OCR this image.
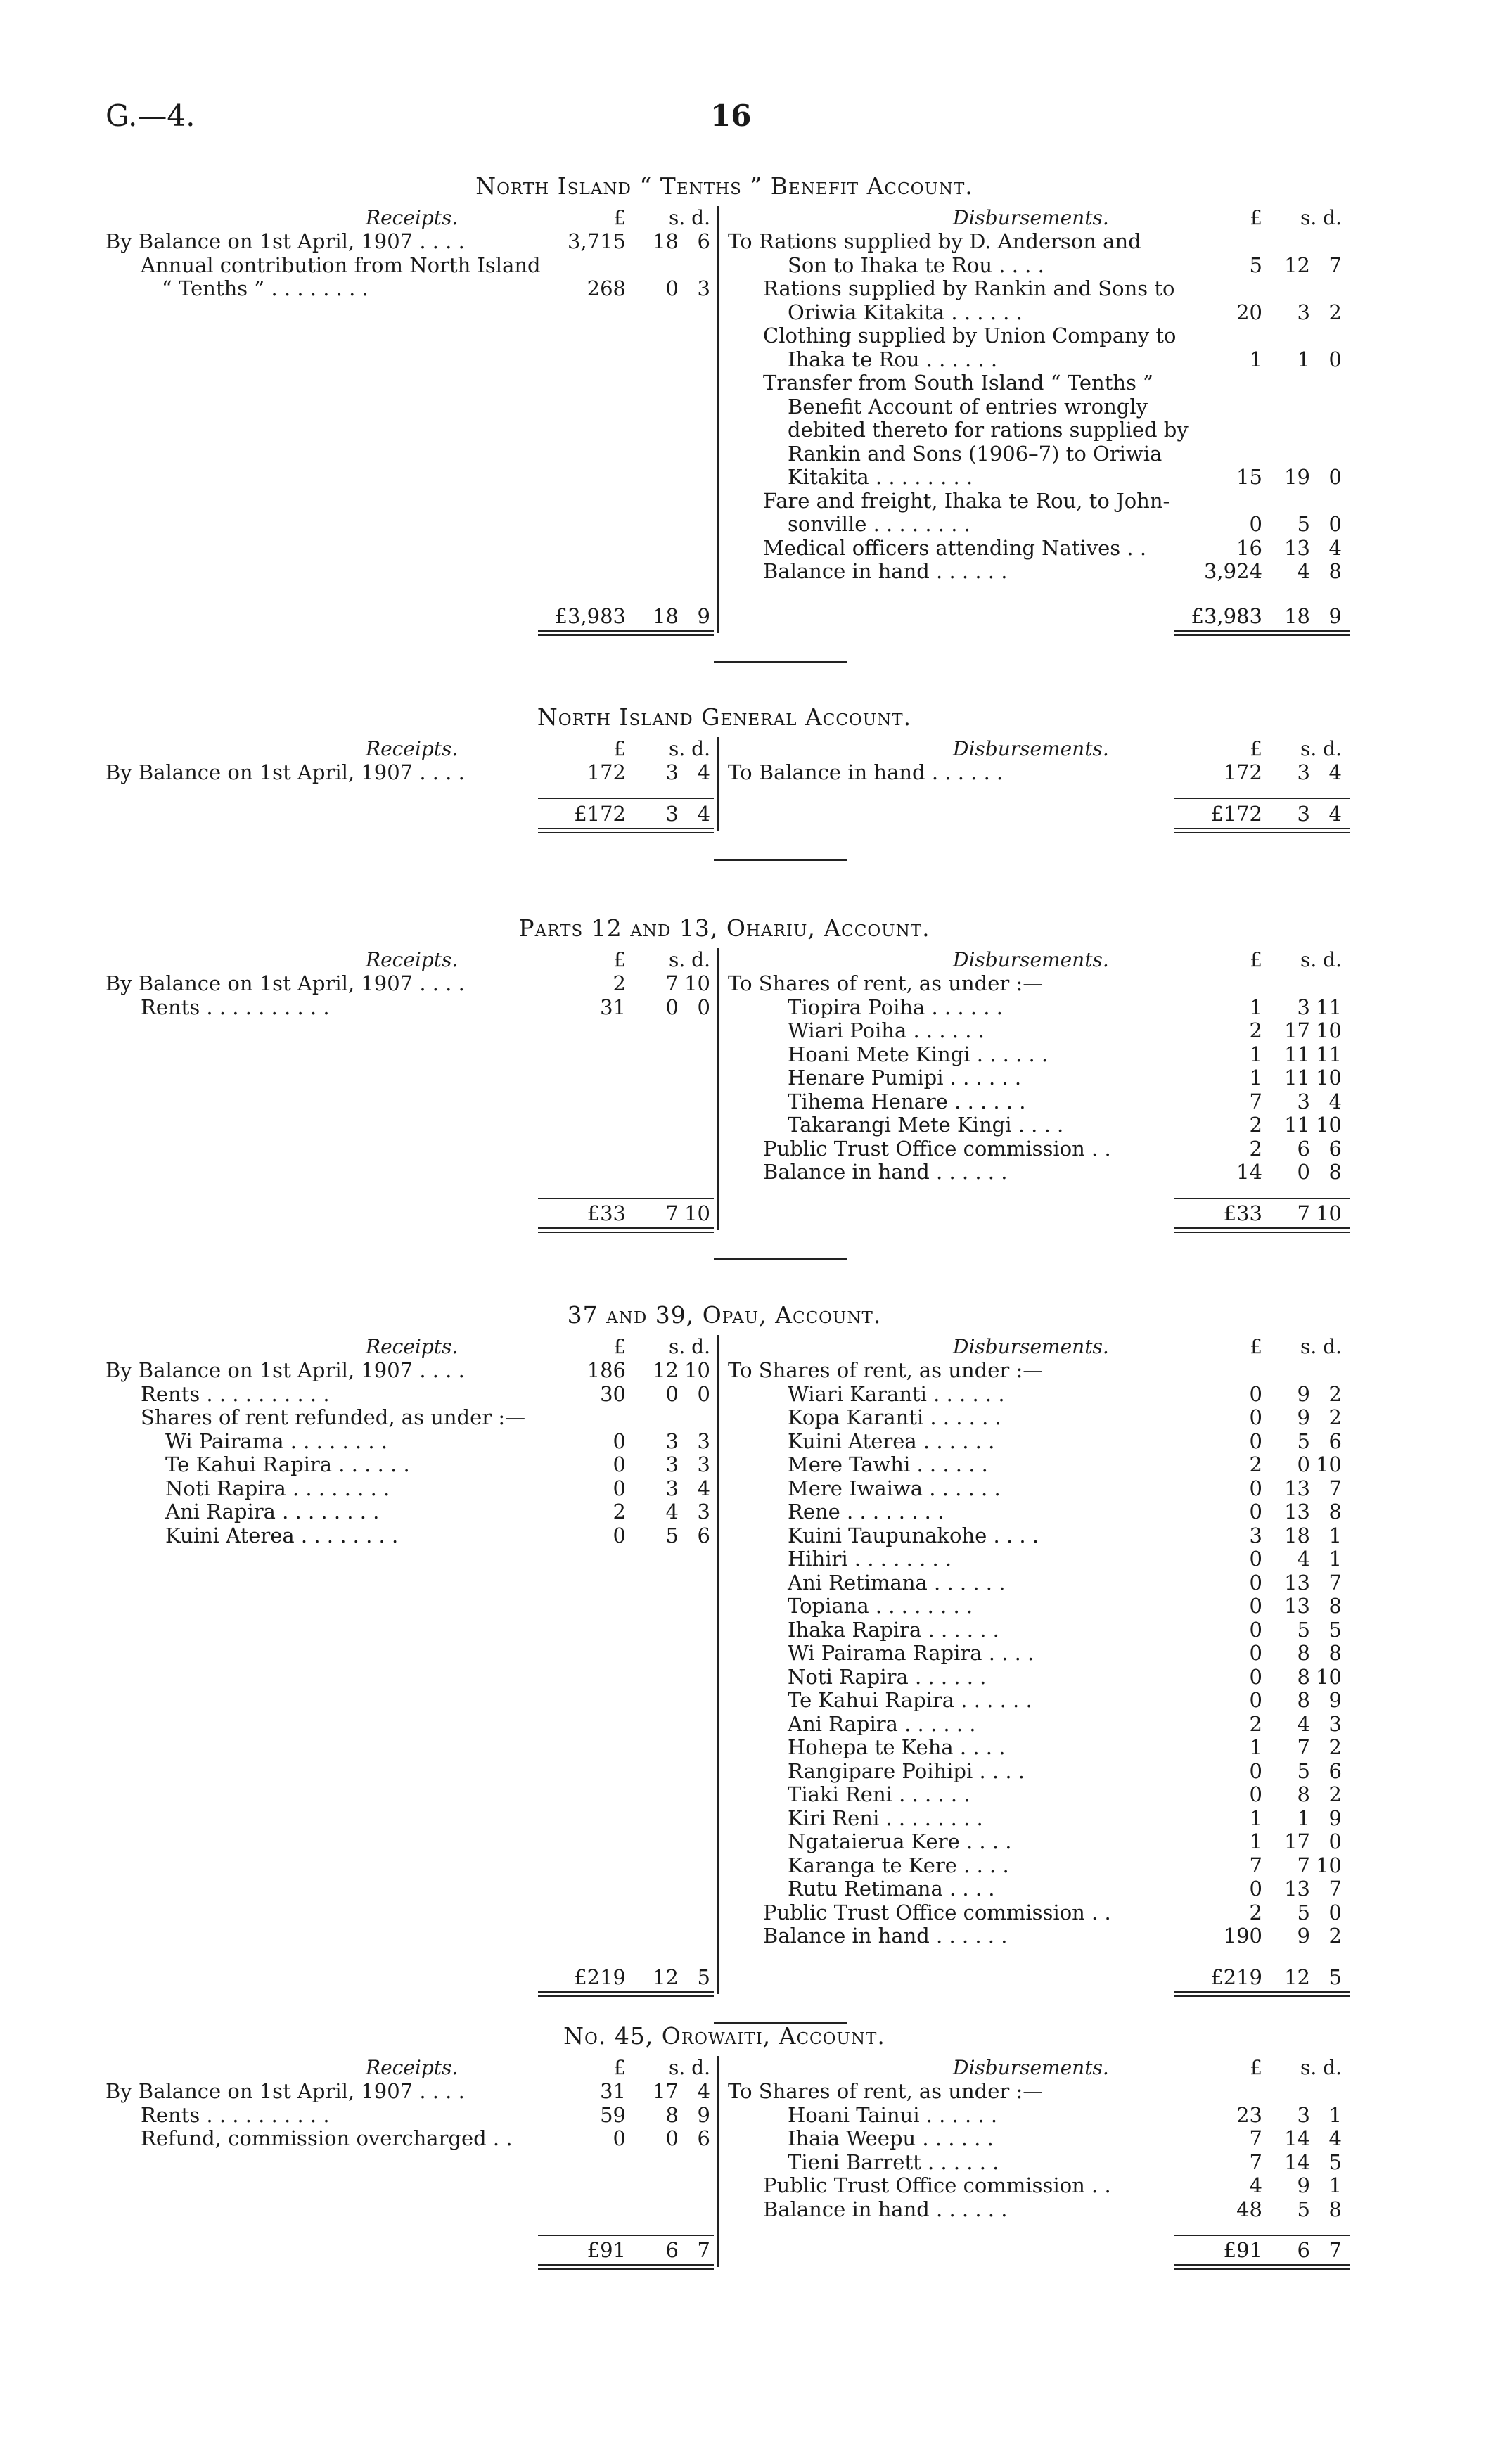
G.—4.	16
North Island “ Tenths ” Benefit Account.
Receipts.	£	s. d.
By Balance on 1st April, 1907 . . . .	3,715	18 6
Annual contribution from North Island
“ Tenths ” . . . . . . . .	268	0 3
£3,983	18 9
Disbursements.	£	s. d.
To Rations supplied by D. Anderson and
Son to Ihaka te Rou . . . .	5	12 7
Rations supplied by Rankin and Sons to
Oriwia Kitakita . . . . . .	20	3 2
Clothing supplied by Union Company to
Ihaka te Rou . . . . . .	1	1 0
Transfer from South Island “ Tenths ”
Benefit Account of entries wrongly
debited thereto for rations supplied by
Rankin and Sons (1906–7) to Oriwia
Kitakita . . . . . . . .	15	19 0
Fare and freight, Ihaka te Rou, to John-
sonville . . . . . . . .	0	5 0
Medical officers attending Natives . .	16	13 4
Balance in hand . . . . . .	3,924	4 8
£3,983	18 9
North Island General Account.
Receipts.	£	s. d.
By Balance on 1st April, 1907 . . . .	172	3 4
£172	3 4
Disbursements.	£	s. d.
To Balance in hand . . . . . .	172	3 4
£172	3 4
Parts 12 and 13, Ohariu, Account.
Receipts.	£	s. d.
By Balance on 1st April, 1907 . . . .	2	7 10
Rents . . . . . . . . . .	31	0 0
£33	7 10
Disbursements.	£	s. d.
To Shares of rent, as under :—
Tiopira Poiha . . . . . .	1	3 11
Wiari Poiha . . . . . .	2	17 10
Hoani Mete Kingi . . . . . .	1	11 11
Henare Pumipi . . . . . .	1	11 10
Tihema Henare . . . . . .	7	3 4
Takarangi Mete Kingi . . . .	2	11 10
Public Trust Office commission . .	2	6 6
Balance in hand . . . . . .	14	0 8
£33	7 10
37 and 39, Opau, Account.
Receipts.	£	s. d.
By Balance on 1st April, 1907 . . . .	186	12 10
Rents . . . . . . . . . .	30	0 0
Shares of rent refunded, as under :—
Wi Pairama . . . . . . . .	0	3 3
Te Kahui Rapira . . . . . .	0	3 3
Noti Rapira . . . . . . . .	0	3 4
Ani Rapira . . . . . . . .	2	4 3
Kuini Aterea . . . . . . . .	0	5 6
£219	12 5
Disbursements.	£	s. d.
To Shares of rent, as under :—
Wiari Karanti . . . . . .	0	9 2
Kopa Karanti . . . . . .	0	9 2
Kuini Aterea . . . . . .	0	5 6
Mere Tawhi . . . . . .	2	0 10
Mere Iwaiwa . . . . . .	0	13 7
Rene . . . . . . . .	0	13 8
Kuini Taupunakohe . . . .	3	18 1
Hihiri . . . . . . . .	0	4 1
Ani Retimana . . . . . .	0	13 7
Topiana . . . . . . . .	0	13 8
Ihaka Rapira . . . . . .	0	5 5
Wi Pairama Rapira . . . .	0	8 8
Noti Rapira . . . . . .	0	8 10
Te Kahui Rapira . . . . . .	0	8 9
Ani Rapira . . . . . .	2	4 3
Hohepa te Keha . . . .	1	7 2
Rangipare Poihipi . . . .	0	5 6
Tiaki Reni . . . . . .	0	8 2
Kiri Reni . . . . . . . .	1	1 9
Ngataierua Kere . . . .	1	17 0
Karanga te Kere . . . .	7	7 10
Rutu Retimana . . . .	0	13 7
Public Trust Office commission . .	2	5 0
Balance in hand . . . . . .	190	9 2
£219	12 5
No. 45, Orowaiti, Account.
Receipts.	£	s. d.
By Balance on 1st April, 1907 . . . .	31	17 4
Rents . . . . . . . . . .	59	8 9
Refund, commission overcharged . .	0	0 6
£91	6 7
Disbursements.	£	s. d.
To Shares of rent, as under :—
Hoani Tainui . . . . . .	23	3 1
Ihaia Weepu . . . . . .	7	14 4
Tieni Barrett . . . . . .	7	14 5
Public Trust Office commission . .	4	9 1
Balance in hand . . . . . .	48	5 8
£91	6 7
